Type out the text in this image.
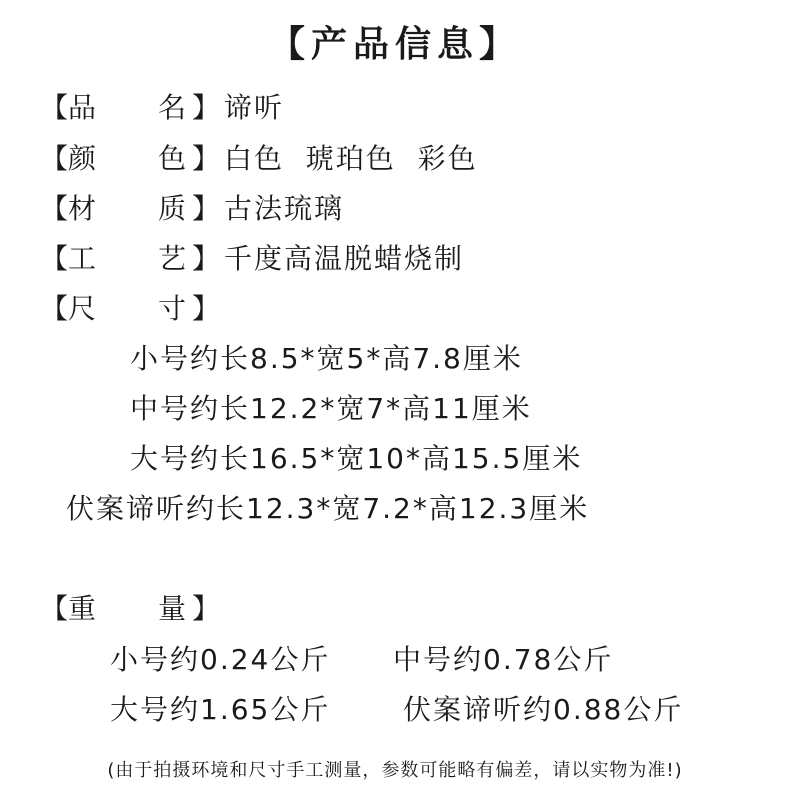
【产品信息】
【
品 名 】 谛听
【
颜 色 】 白色  琥珀色  彩色
【
材 质 】 古法琉璃
【
工 艺 】 千度高温脱蜡烧制
【
尺 寸 】
小号约长8.5*宽5*高7.8厘米
中号约长12.2*宽7*高11厘米
大号约长16.5*宽10*高15.5厘米
伏案谛听约长12.3*宽7.2*高12.3厘米
【
重 量 】
小号约0.24公斤 中号约0.78公斤
大号约1.65公斤	伏案谛听约0.88公斤
(由于拍摄环境和尺寸手工测量，参数可能略有偏差，请以实物为准!)
